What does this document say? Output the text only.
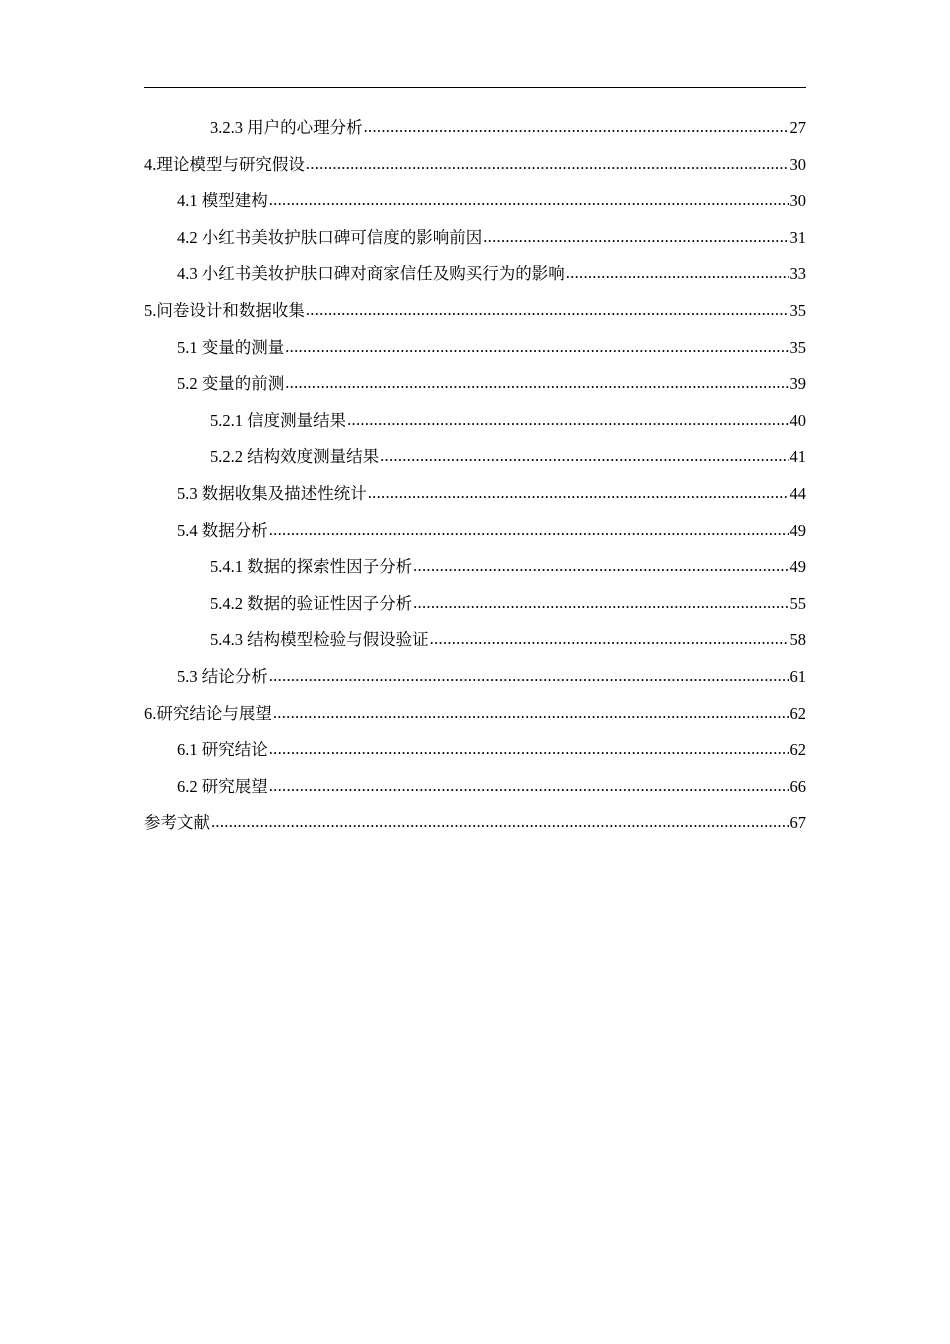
3.2.3 用户的心理分析 .....	27
4.理论模型与研究假设 .....	30
4.1 模型建构 .....	30
4.2 小红书美妆护肤口碑可信度的影响前因 .....	31
4.3 小红书美妆护肤口碑对商家信任及购买行为的影响 .....	33
5.问卷设计和数据收集 .....	35
5.1 变量的测量 .....	35
5.2 变量的前测 .....	39
5.2.1 信度测量结果 .....	40
5.2.2 结构效度测量结果 .....	41
5.3 数据收集及描述性统计 .....	44
5.4 数据分析 .....	49
5.4.1 数据的探索性因子分析 .....	49
5.4.2 数据的验证性因子分析 .....	55
5.4.3 结构模型检验与假设验证 .....	58
5.3 结论分析 .....	61
6.研究结论与展望 .....	62
6.1 研究结论 .....	62
6.2 研究展望 .....	66
参考文献 .....	67
